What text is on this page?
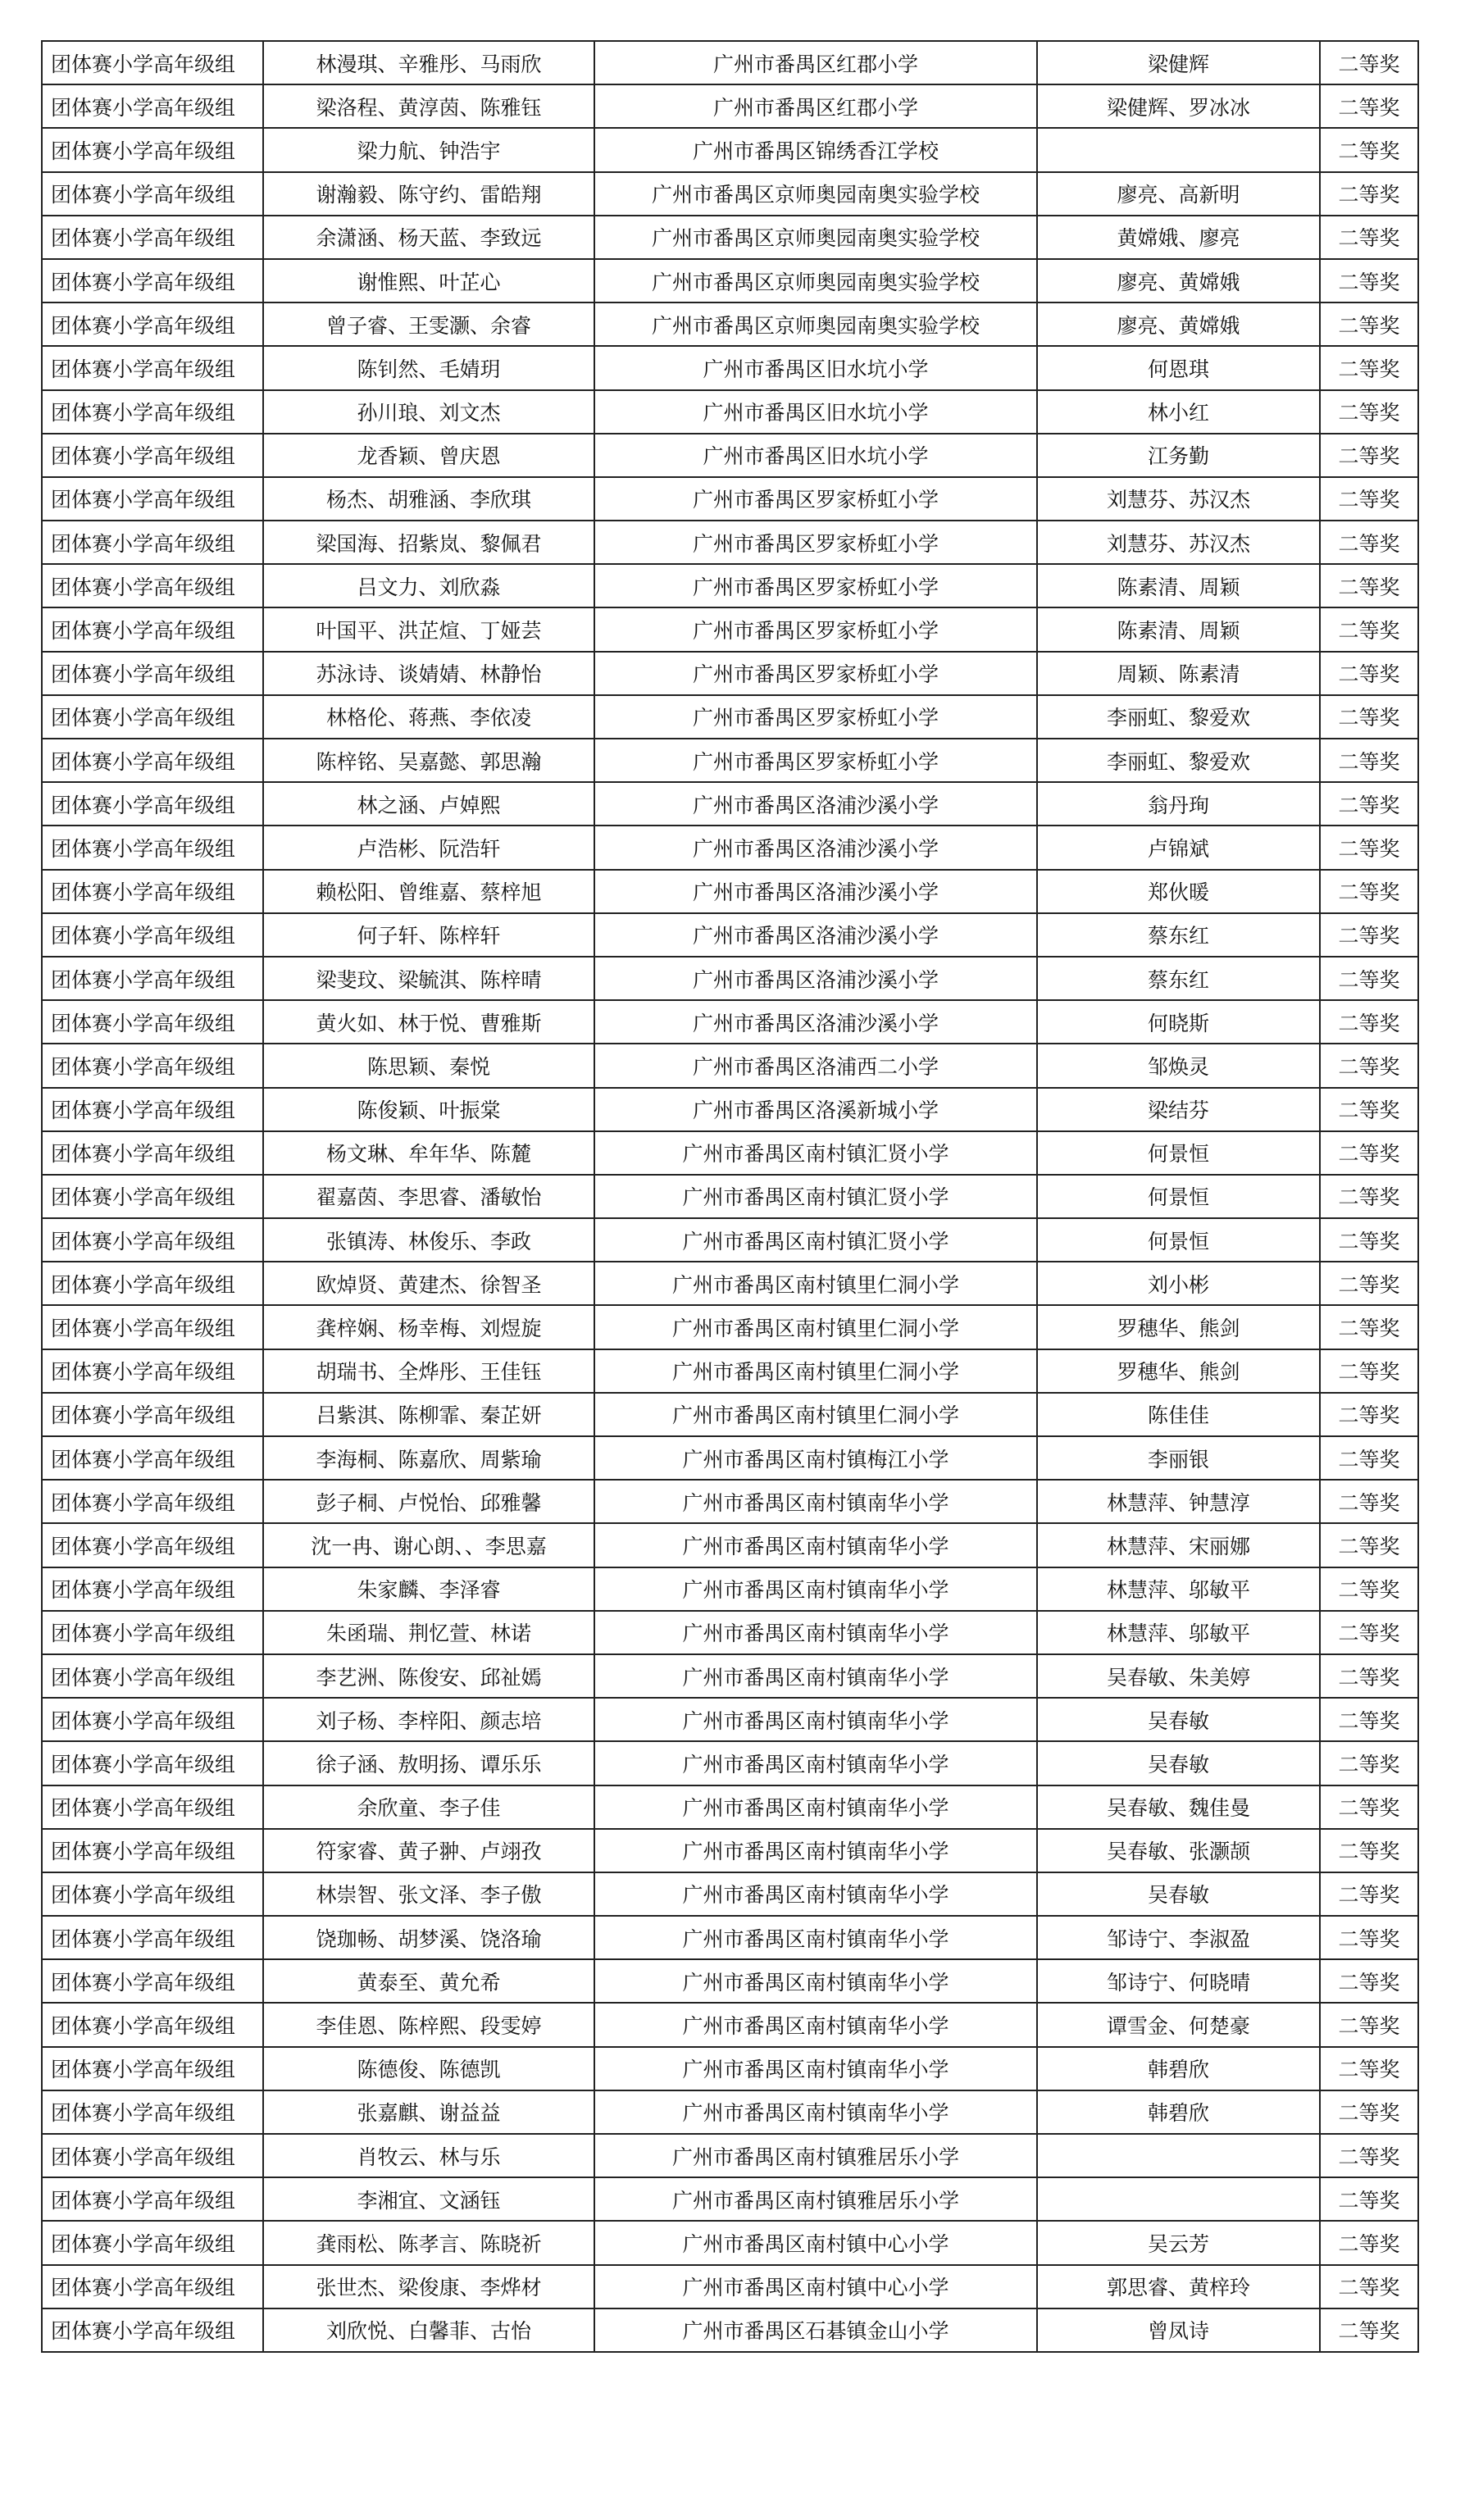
团体赛小学高年级组	林漫琪、辛雅彤、马雨欣	广州市番禺区红郡小学	梁健辉	二等奖
团体赛小学高年级组	梁洛程、黄淳茵、陈雅钰	广州市番禺区红郡小学	梁健辉、罗冰冰	二等奖
团体赛小学高年级组	梁力航、钟浩宇	广州市番禺区锦绣香江学校		二等奖
团体赛小学高年级组	谢瀚毅、陈守约、雷皓翔	广州市番禺区京师奥园南奥实验学校	廖亮、高新明	二等奖
团体赛小学高年级组	余潇涵、杨天蓝、李致远	广州市番禺区京师奥园南奥实验学校	黄嫦娥、廖亮	二等奖
团体赛小学高年级组	谢惟熙、叶芷心	广州市番禺区京师奥园南奥实验学校	廖亮、黄嫦娥	二等奖
团体赛小学高年级组	曾子睿、王雯灏、余睿	广州市番禺区京师奥园南奥实验学校	廖亮、黄嫦娥	二等奖
团体赛小学高年级组	陈钊然、毛婧玥	广州市番禺区旧水坑小学	何恩琪	二等奖
团体赛小学高年级组	孙川琅、刘文杰	广州市番禺区旧水坑小学	林小红	二等奖
团体赛小学高年级组	龙香颖、曾庆恩	广州市番禺区旧水坑小学	江务勤	二等奖
团体赛小学高年级组	杨杰、胡雅涵、李欣琪	广州市番禺区罗家桥虹小学	刘慧芬、苏汉杰	二等奖
团体赛小学高年级组	梁国海、招紫岚、黎佩君	广州市番禺区罗家桥虹小学	刘慧芬、苏汉杰	二等奖
团体赛小学高年级组	吕文力、刘欣淼	广州市番禺区罗家桥虹小学	陈素清、周颖	二等奖
团体赛小学高年级组	叶国平、洪芷煊、丁娅芸	广州市番禺区罗家桥虹小学	陈素清、周颖	二等奖
团体赛小学高年级组	苏泳诗、谈婧婧、林静怡	广州市番禺区罗家桥虹小学	周颖、陈素清	二等奖
团体赛小学高年级组	林格伦、蒋燕、李依凌	广州市番禺区罗家桥虹小学	李丽虹、黎爱欢	二等奖
团体赛小学高年级组	陈梓铭、吴嘉懿、郭思瀚	广州市番禺区罗家桥虹小学	李丽虹、黎爱欢	二等奖
团体赛小学高年级组	林之涵、卢婥熙	广州市番禺区洛浦沙溪小学	翁丹珣	二等奖
团体赛小学高年级组	卢浩彬、阮浩轩	广州市番禺区洛浦沙溪小学	卢锦斌	二等奖
团体赛小学高年级组	赖松阳、曾维嘉、蔡梓旭	广州市番禺区洛浦沙溪小学	郑伙暖	二等奖
团体赛小学高年级组	何子轩、陈梓轩	广州市番禺区洛浦沙溪小学	蔡东红	二等奖
团体赛小学高年级组	梁斐玟、梁毓淇、陈梓晴	广州市番禺区洛浦沙溪小学	蔡东红	二等奖
团体赛小学高年级组	黄火如、林于悦、曹雅斯	广州市番禺区洛浦沙溪小学	何晓斯	二等奖
团体赛小学高年级组	陈思颖、秦悦	广州市番禺区洛浦西二小学	邹焕灵	二等奖
团体赛小学高年级组	陈俊颖、叶振棠	广州市番禺区洛溪新城小学	梁结芬	二等奖
团体赛小学高年级组	杨文琳、牟年华、陈麓	广州市番禺区南村镇汇贤小学	何景恒	二等奖
团体赛小学高年级组	翟嘉茵、李思睿、潘敏怡	广州市番禺区南村镇汇贤小学	何景恒	二等奖
团体赛小学高年级组	张镇涛、林俊乐、李政	广州市番禺区南村镇汇贤小学	何景恒	二等奖
团体赛小学高年级组	欧焯贤、黄建杰、徐智圣	广州市番禺区南村镇里仁洞小学	刘小彬	二等奖
团体赛小学高年级组	龚梓娴、杨幸梅、刘煜旋	广州市番禺区南村镇里仁洞小学	罗穗华、熊剑	二等奖
团体赛小学高年级组	胡瑞书、全烨彤、王佳钰	广州市番禺区南村镇里仁洞小学	罗穗华、熊剑	二等奖
团体赛小学高年级组	吕紫淇、陈柳霏、秦芷妍	广州市番禺区南村镇里仁洞小学	陈佳佳	二等奖
团体赛小学高年级组	李海桐、陈嘉欣、周紫瑜	广州市番禺区南村镇梅江小学	李丽银	二等奖
团体赛小学高年级组	彭子桐、卢悦怡、邱雅馨	广州市番禺区南村镇南华小学	林慧萍、钟慧淳	二等奖
团体赛小学高年级组	沈一冉、谢心朗、、李思嘉	广州市番禺区南村镇南华小学	林慧萍、宋丽娜	二等奖
团体赛小学高年级组	朱家麟、李泽睿	广州市番禺区南村镇南华小学	林慧萍、邬敏平	二等奖
团体赛小学高年级组	朱函瑞、荆忆萱、林诺	广州市番禺区南村镇南华小学	林慧萍、邬敏平	二等奖
团体赛小学高年级组	李艺洲、陈俊安、邱祉嫣	广州市番禺区南村镇南华小学	吴春敏、朱美婷	二等奖
团体赛小学高年级组	刘子杨、李梓阳、颜志培	广州市番禺区南村镇南华小学	吴春敏	二等奖
团体赛小学高年级组	徐子涵、敖明扬、谭乐乐	广州市番禺区南村镇南华小学	吴春敏	二等奖
团体赛小学高年级组	余欣童、李子佳	广州市番禺区南村镇南华小学	吴春敏、魏佳曼	二等奖
团体赛小学高年级组	符家睿、黄子翀、卢翊孜	广州市番禺区南村镇南华小学	吴春敏、张灏颉	二等奖
团体赛小学高年级组	林崇智、张文泽、李子傲	广州市番禺区南村镇南华小学	吴春敏	二等奖
团体赛小学高年级组	饶珈畅、胡梦溪、饶洛瑜	广州市番禺区南村镇南华小学	邹诗宁、李淑盈	二等奖
团体赛小学高年级组	黄泰至、黄允希	广州市番禺区南村镇南华小学	邹诗宁、何晓晴	二等奖
团体赛小学高年级组	李佳恩、陈梓熙、段雯婷	广州市番禺区南村镇南华小学	谭雪金、何楚豪	二等奖
团体赛小学高年级组	陈德俊、陈德凯	广州市番禺区南村镇南华小学	韩碧欣	二等奖
团体赛小学高年级组	张嘉麒、谢益益	广州市番禺区南村镇南华小学	韩碧欣	二等奖
团体赛小学高年级组	肖牧云、林与乐	广州市番禺区南村镇雅居乐小学		二等奖
团体赛小学高年级组	李湘宜、文涵钰	广州市番禺区南村镇雅居乐小学		二等奖
团体赛小学高年级组	龚雨松、陈孝言、陈晓祈	广州市番禺区南村镇中心小学	吴云芳	二等奖
团体赛小学高年级组	张世杰、梁俊康、李烨材	广州市番禺区南村镇中心小学	郭思睿、黄梓玲	二等奖
团体赛小学高年级组	刘欣悦、白馨菲、古怡	广州市番禺区石碁镇金山小学	曾凤诗	二等奖
